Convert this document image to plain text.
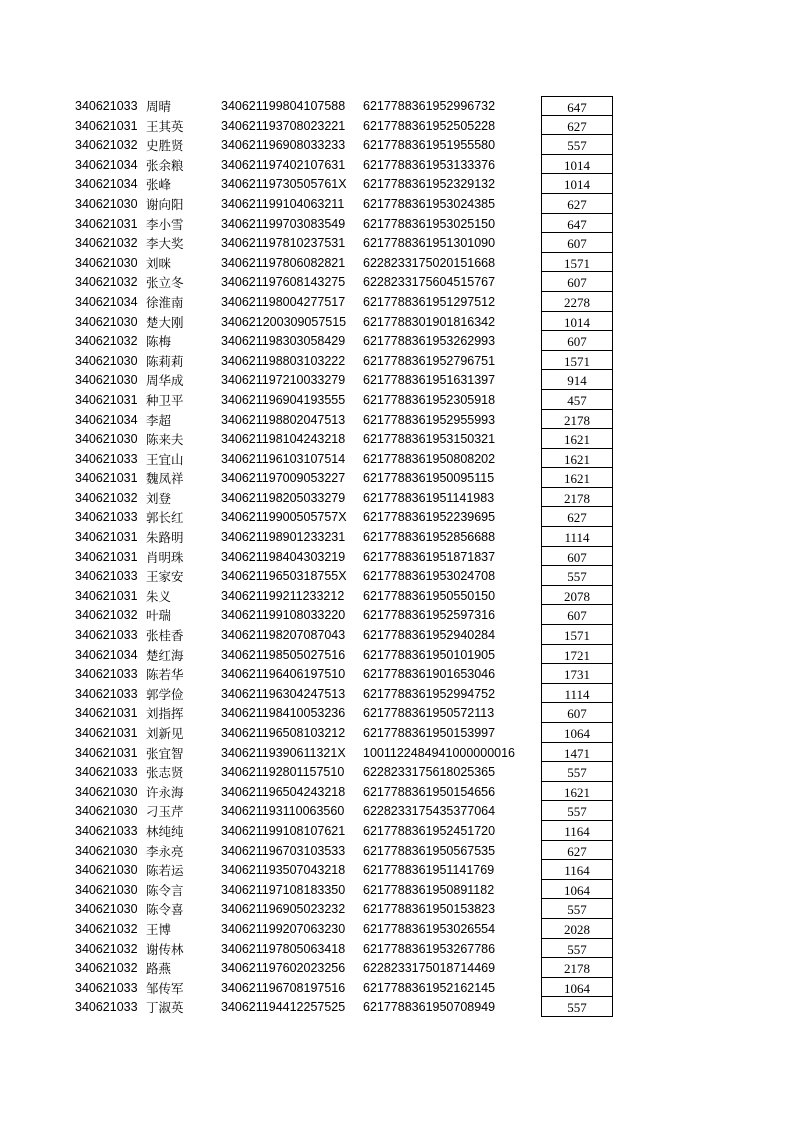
340621033 周晴	340621199804107588	6217788361952996732	647
340621031 王其英	340621193708023221	6217788361952505228	627
340621032 史胜贤	340621196908033233	6217788361951955580	557
340621034 张余粮	340621197402107631	6217788361953133376	1014
340621034 张峰	34062119730505761X	6217788361952329132	1014
340621030 谢向阳	340621199104063211	6217788361953024385	627
340621031 李小雪	340621199703083549	6217788361953025150	647
340621032 李大奖	340621197810237531	6217788361951301090	607
340621030 刘咪	340621197806082821	6228233175020151668	1571
340621032 张立冬	340621197608143275	6228233175604515767	607
340621034 徐淮南	340621198004277517	6217788361951297512	2278
340621030 楚大刚	340621200309057515	6217788301901816342	1014
340621032 陈梅	340621198303058429	6217788361953262993	607
340621030 陈莉莉	340621198803103222	6217788361952796751	1571
340621030 周华成	340621197210033279	6217788361951631397	914
340621031 种卫平	340621196904193555	6217788361952305918	457
340621034 李超	340621198802047513	6217788361952955993	2178
340621030 陈来夫	340621198104243218	6217788361953150321	1621
340621033 王宜山	340621196103107514	6217788361950808202	1621
340621031 魏凤祥	340621197009053227	6217788361950095115	1621
340621032 刘登	340621198205033279	6217788361951141983	2178
340621033 郭长红	34062119900505757X	6217788361952239695	627
340621031 朱路明	340621198901233231	6217788361952856688	1114
340621031 肖明珠	340621198404303219	6217788361951871837	607
340621033 王家安	34062119650318755X	6217788361953024708	557
340621031 朱义	340621199211233212	6217788361950550150	2078
340621032 叶瑞	340621199108033220	6217788361952597316	607
340621033 张桂香	340621198207087043	6217788361952940284	1571
340621034 楚红海	340621198505027516	6217788361950101905	1721
340621033 陈若华	340621196406197510	6217788361901653046	1731
340621033 郭学俭	340621196304247513	6217788361952994752	1114
340621031 刘指挥	340621198410053236	6217788361950572113	607
340621031 刘新见	340621196508103212	6217788361950153997	1064
340621031 张宜智	34062119390611321X	1001122484941000000016	1471
340621033 张志贤	340621192801157510	6228233175618025365	557
340621030 许永海	340621196504243218	6217788361950154656	1621
340621030 刁玉芹	340621193110063560	6228233175435377064	557
340621033 林纯纯	340621199108107621	6217788361952451720	1164
340621030 李永亮	340621196703103533	6217788361950567535	627
340621030 陈若运	340621193507043218	6217788361951141769	1164
340621030 陈令言	340621197108183350	6217788361950891182	1064
340621030 陈令喜	340621196905023232	6217788361950153823	557
340621032 王博	340621199207063230	6217788361953026554	2028
340621032 谢传林	340621197805063418	6217788361953267786	557
340621032 路燕	340621197602023256	6228233175018714469	2178
340621033 邹传军	340621196708197516	6217788361952162145	1064
340621033 丁淑英	340621194412257525	6217788361950708949	557
